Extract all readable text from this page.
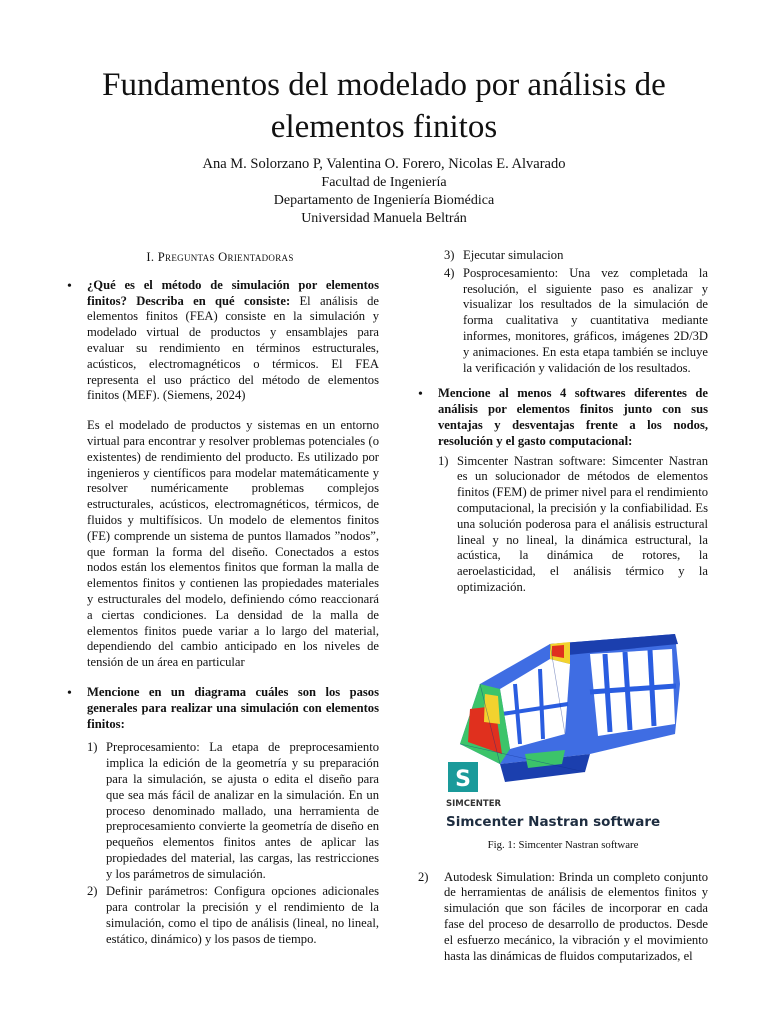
Fundamentos del modelado por análisis de
elementos finitos
Ana M. Solorzano P, Valentina O. Forero, Nicolas E. Alvarado
Facultad de Ingeniería
Departamento de Ingeniería Biomédica
Universidad Manuela Beltrán
I. Preguntas Orientadoras
• ¿Qué es el método de simulación por elementos finitos? Describa en qué consiste: El análisis de elementos finitos (FEA) consiste en la simulación y modelado virtual de productos y ensamblajes para evaluar su rendimiento en términos estructurales, acústicos, electromagnéticos o térmicos. El FEA representa el uso práctico del método de elementos finitos (MEF). (Siemens, 2024)
Es el modelado de productos y sistemas en un entorno virtual para encontrar y resolver problemas potenciales (o existentes) de rendimiento del producto. Es utilizado por ingenieros y científicos para modelar matemáticamente y resolver numéricamente problemas complejos estructurales, acústicos, electromagnéticos, térmicos, de fluidos y multifísicos. Un modelo de elementos finitos (FE) comprende un sistema de puntos llamados ”nodos”, que forman la forma del diseño. Conectados a estos nodos están los elementos finitos que forman la malla de elementos finitos y contienen las propiedades materiales y estructurales del modelo, definiendo cómo reaccionará a ciertas condiciones. La densidad de la malla de elementos finitos puede variar a lo largo del material, dependiendo del cambio anticipado en los niveles de tensión de un área en particular
• Mencione en un diagrama cuáles son los pasos generales para realizar una simulación con elementos finitos:
1) Preprocesamiento: La etapa de preprocesamiento implica la edición de la geometría y su preparación para la simulación, se ajusta o edita el diseño para que sea más fácil de analizar en la simulación. En un proceso denominado mallado, una herramienta de preprocesamiento convierte la geometría de diseño en pequeños elementos finitos antes de aplicar las propiedades del material, las cargas, las restricciones y los parámetros de simulación.
2) Definir parámetros: Configura opciones adicionales para controlar la precisión y el rendimiento de la simulación, como el tipo de análisis (lineal, no lineal, estático, dinámico) y los pasos de tiempo.
3) Ejecutar simulacion
4) Posprocesamiento: Una vez completada la resolución, el siguiente paso es analizar y visualizar los resultados de la simulación de forma cualitativa y cuantitativa mediante informes, monitores, gráficos, imágenes 2D/3D y animaciones. En esta etapa también se incluye la verificación y validación de los resultados.
• Mencione al menos 4 softwares diferentes de análisis por elementos finitos junto con sus ventajas y desventajas frente a los nodos, resolución y el gasto computacional:
1) Simcenter Nastran software: Simcenter Nastran es un solucionador de métodos de elementos finitos (FEM) de primer nivel para el rendimiento computacional, la precisión y la confiabilidad. Es una solución poderosa para el análisis estructural lineal y no lineal, la dinámica estructural, la acústica, la dinámica de rotores, la aeroelasticidad, el análisis térmico y la optimización.
S
SIMCENTER
Simcenter Nastran software
Fig. 1: Simcenter Nastran software
2) Autodesk Simulation: Brinda un completo conjunto de herramientas de análisis de elementos finitos y simulación que son fáciles de incorporar en cada fase del proceso de desarrollo de productos. Desde el esfuerzo mecánico, la vibración y el movimiento hasta las dinámicas de fluidos computarizados, el
